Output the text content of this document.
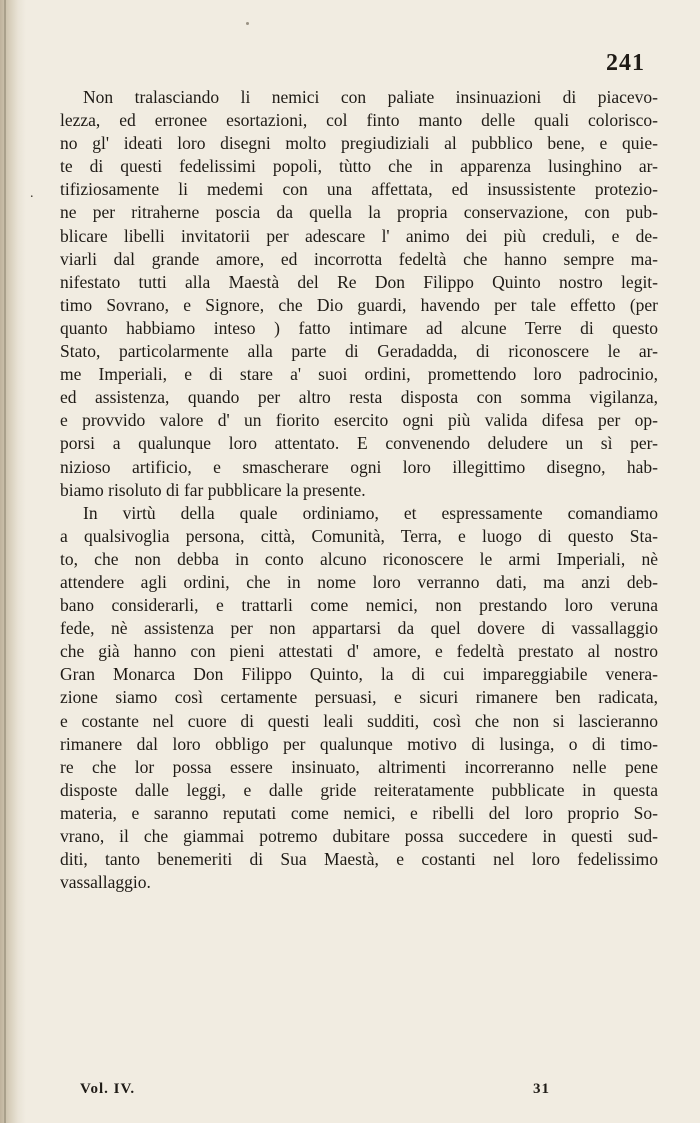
241
.
Non tralasciando li nemici con paliate insinuazioni di piacevo-
lezza, ed erronee esortazioni, col finto manto delle quali colorisco-
no gl' ideati loro disegni molto pregiudiziali al pubblico bene, e quie-
te di questi fedelissimi popoli, tùtto che in apparenza lusinghino ar-
tifiziosamente li medemi con una affettata, ed insussistente protezio-
ne per ritraherne poscia da quella la propria conservazione, con pub-
blicare libelli invitatorii per adescare l' animo dei più creduli, e de-
viarli dal grande amore, ed incorrotta fedeltà che hanno sempre ma-
nifestato tutti alla Maestà del Re Don Filippo Quinto nostro legit-
timo Sovrano, e Signore, che Dio guardi, havendo per tale effetto (per
quanto habbiamo inteso ) fatto intimare ad alcune Terre di questo
Stato, particolarmente alla parte di Geradadda, di riconoscere le ar-
me Imperiali, e di stare a' suoi ordini, promettendo loro padrocinio,
ed assistenza, quando per altro resta disposta con somma vigilanza,
e provvido valore d' un fiorito esercito ogni più valida difesa per op-
porsi a qualunque loro attentato. E convenendo deludere un sì per-
nizioso artificio, e smascherare ogni loro illegittimo disegno, hab-
biamo risoluto di far pubblicare la presente.
In virtù della quale ordiniamo, et espressamente comandiamo
a qualsivoglia persona, città, Comunità, Terra, e luogo di questo Sta-
to, che non debba in conto alcuno riconoscere le armi Imperiali, nè
attendere agli ordini, che in nome loro verranno dati, ma anzi deb-
bano considerarli, e trattarli come nemici, non prestando loro veruna
fede, nè assistenza per non appartarsi da quel dovere di vassallaggio
che già hanno con pieni attestati d' amore, e fedeltà prestato al nostro
Gran Monarca Don Filippo Quinto, la di cui impareggiabile venera-
zione siamo così certamente persuasi, e sicuri rimanere ben radicata,
e costante nel cuore di questi leali sudditi, così che non si lascieranno
rimanere dal loro obbligo per qualunque motivo di lusinga, o di timo-
re che lor possa essere insinuato, altrimenti incorreranno nelle pene
disposte dalle leggi, e dalle gride reiteratamente pubblicate in questa
materia, e saranno reputati come nemici, e ribelli del loro proprio So-
vrano, il che giammai potremo dubitare possa succedere in questi sud-
diti, tanto benemeriti di Sua Maestà, e costanti nel loro fedelissimo
vassallaggio.
Vol. IV.	31
